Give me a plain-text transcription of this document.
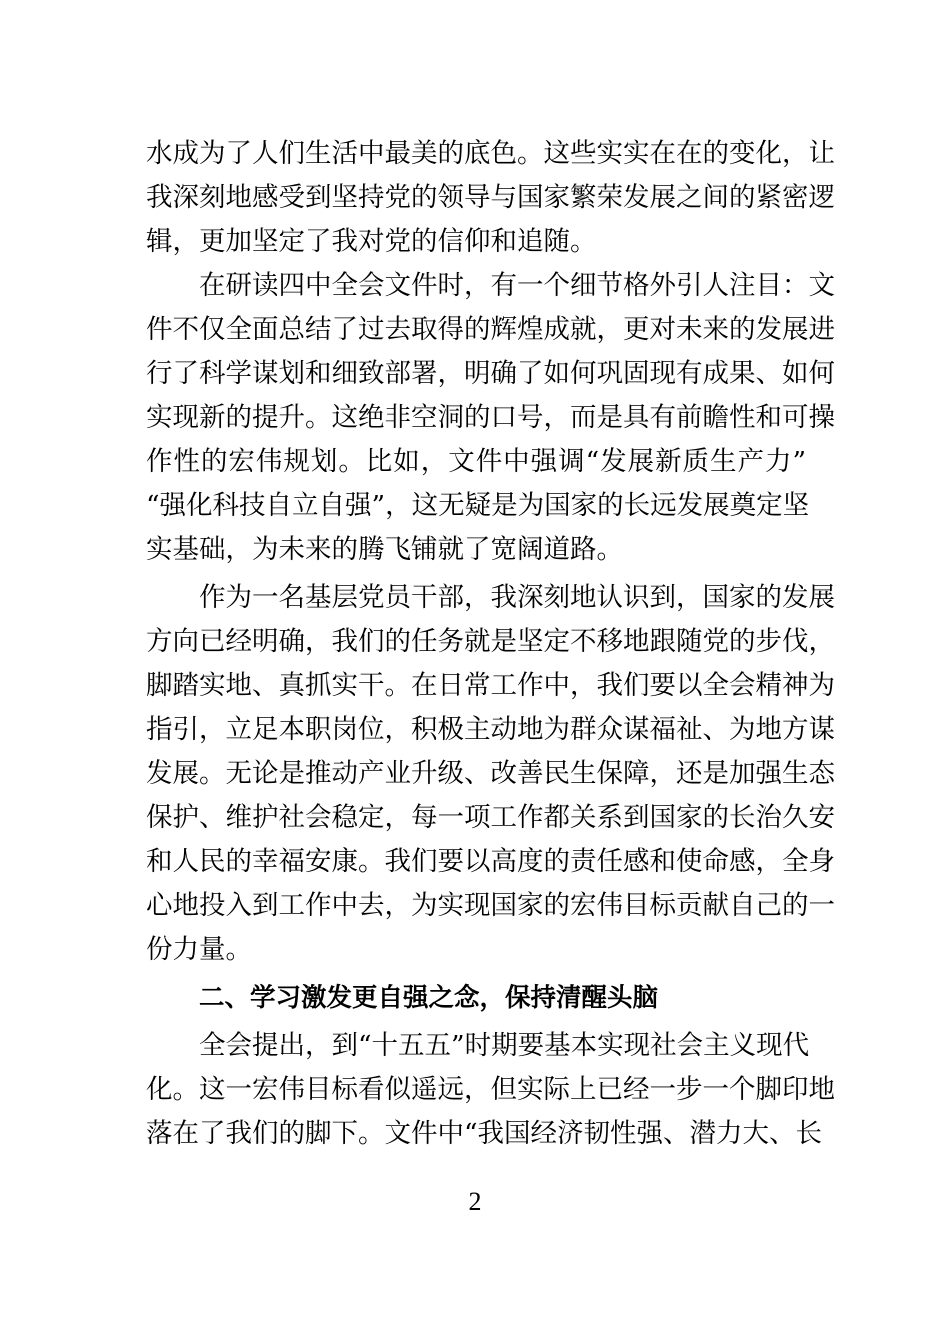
水成为了人们生活中最美的底色。这些实实在在的变化，让
我深刻地感受到坚持党的领导与国家繁荣发展之间的紧密逻
辑，更加坚定了我对党的信仰和追随。
在研读四中全会文件时，有一个细节格外引人注目：文
件不仅全面总结了过去取得的辉煌成就，更对未来的发展进
行了科学谋划和细致部署，明确了如何巩固现有成果、如何
实现新的提升。这绝非空洞的口号，而是具有前瞻性和可操
作性的宏伟规划。比如，文件中强调“发展新质生产力”
“强化科技自立自强”，这无疑是为国家的长远发展奠定坚
实基础，为未来的腾飞铺就了宽阔道路。
作为一名基层党员干部，我深刻地认识到，国家的发展
方向已经明确，我们的任务就是坚定不移地跟随党的步伐，
脚踏实地、真抓实干。在日常工作中，我们要以全会精神为
指引，立足本职岗位，积极主动地为群众谋福祉、为地方谋
发展。无论是推动产业升级、改善民生保障，还是加强生态
保护、维护社会稳定，每一项工作都关系到国家的长治久安
和人民的幸福安康。我们要以高度的责任感和使命感，全身
心地投入到工作中去，为实现国家的宏伟目标贡献自己的一
份力量。
二、学习激发更自强之念，保持清醒头脑
全会提出，到“十五五”时期要基本实现社会主义现代
化。这一宏伟目标看似遥远，但实际上已经一步一个脚印地
落在了我们的脚下。文件中“我国经济韧性强、潜力大、长
2
